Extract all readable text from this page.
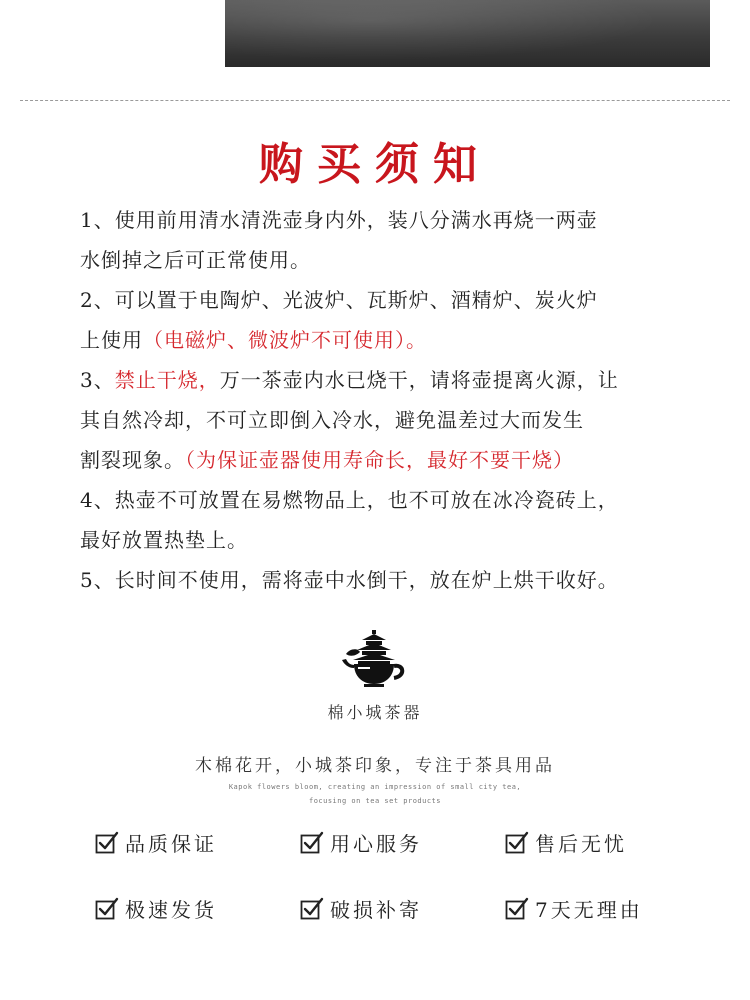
购买须知
1、使用前用清水清洗壶身内外，装八分满水再烧一两壶
水倒掉之后可正常使用。
2、可以置于电陶炉、光波炉、瓦斯炉、酒精炉、炭火炉
上使用（电磁炉、微波炉不可使用）。
3、禁止干烧，万一茶壶内水已烧干，请将壶提离火源，让
其自然冷却，不可立即倒入冷水，避免温差过大而发生
割裂现象。（为保证壶器使用寿命长，最好不要干烧）
4、热壶不可放置在易燃物品上，也不可放在冰冷瓷砖上，
最好放置热垫上。
5、长时间不使用，需将壶中水倒干，放在炉上烘干收好。
棉小城茶器
木棉花开，小城茶印象，专注于茶具用品
Kapok flowers bloom, creating an impression of small city tea,
focusing on tea set products
品质保证	用心服务	售后无忧
极速发货	破损补寄	7天无理由
